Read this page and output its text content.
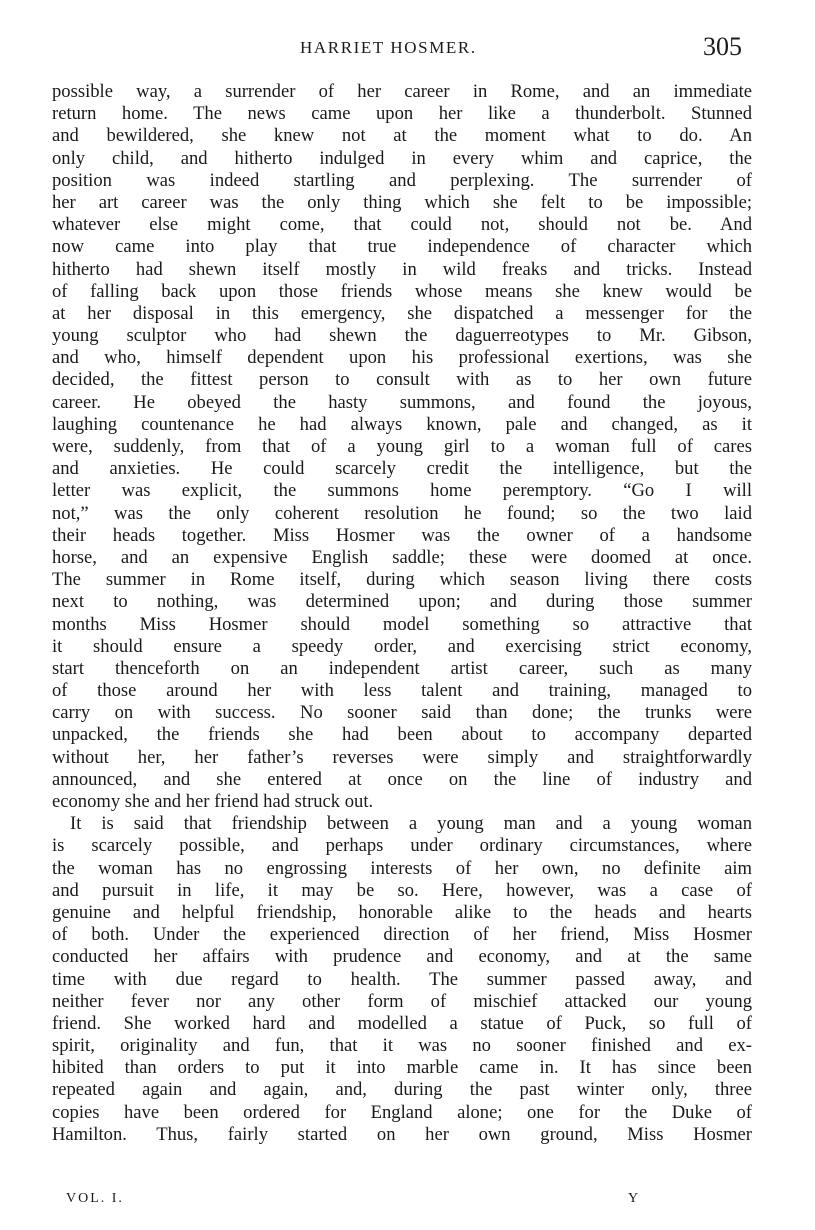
HARRIET HOSMER.	305
possible way, a surrender of her career in Rome, and an immediate
return home. The news came upon her like a thunderbolt. Stunned
and bewildered, she knew not at the moment what to do. An
only child, and hitherto indulged in every whim and caprice, the
position was indeed startling and perplexing. The surrender of
her art career was the only thing which she felt to be impossible;
whatever else might come, that could not, should not be. And
now came into play that true independence of character which
hitherto had shewn itself mostly in wild freaks and tricks. Instead
of falling back upon those friends whose means she knew would be
at her disposal in this emergency, she dispatched a messenger for the
young sculptor who had shewn the daguerreotypes to Mr. Gibson,
and who, himself dependent upon his professional exertions, was she
decided, the fittest person to consult with as to her own future
career. He obeyed the hasty summons, and found the joyous,
laughing countenance he had always known, pale and changed, as it
were, suddenly, from that of a young girl to a woman full of cares
and anxieties. He could scarcely credit the intelligence, but the
letter was explicit, the summons home peremptory. “Go I will
not,” was the only coherent resolution he found; so the two laid
their heads together. Miss Hosmer was the owner of a handsome
horse, and an expensive English saddle; these were doomed at once.
The summer in Rome itself, during which season living there costs
next to nothing, was determined upon; and during those summer
months Miss Hosmer should model something so attractive that
it should ensure a speedy order, and exercising strict economy,
start thenceforth on an independent artist career, such as many
of those around her with less talent and training, managed to
carry on with success. No sooner said than done; the trunks were
unpacked, the friends she had been about to accompany departed
without her, her father’s reverses were simply and straightforwardly
announced, and she entered at once on the line of industry and
economy she and her friend had struck out.
It is said that friendship between a young man and a young woman
is scarcely possible, and perhaps under ordinary circumstances, where
the woman has no engrossing interests of her own, no definite aim
and pursuit in life, it may be so. Here, however, was a case of
genuine and helpful friendship, honorable alike to the heads and hearts
of both. Under the experienced direction of her friend, Miss Hosmer
conducted her affairs with prudence and economy, and at the same
time with due regard to health. The summer passed away, and
neither fever nor any other form of mischief attacked our young
friend. She worked hard and modelled a statue of Puck, so full of
spirit, originality and fun, that it was no sooner finished and ex-
hibited than orders to put it into marble came in. It has since been
repeated again and again, and, during the past winter only, three
copies have been ordered for England alone; one for the Duke of
Hamilton. Thus, fairly started on her own ground, Miss Hosmer
VOL. I.	Y
